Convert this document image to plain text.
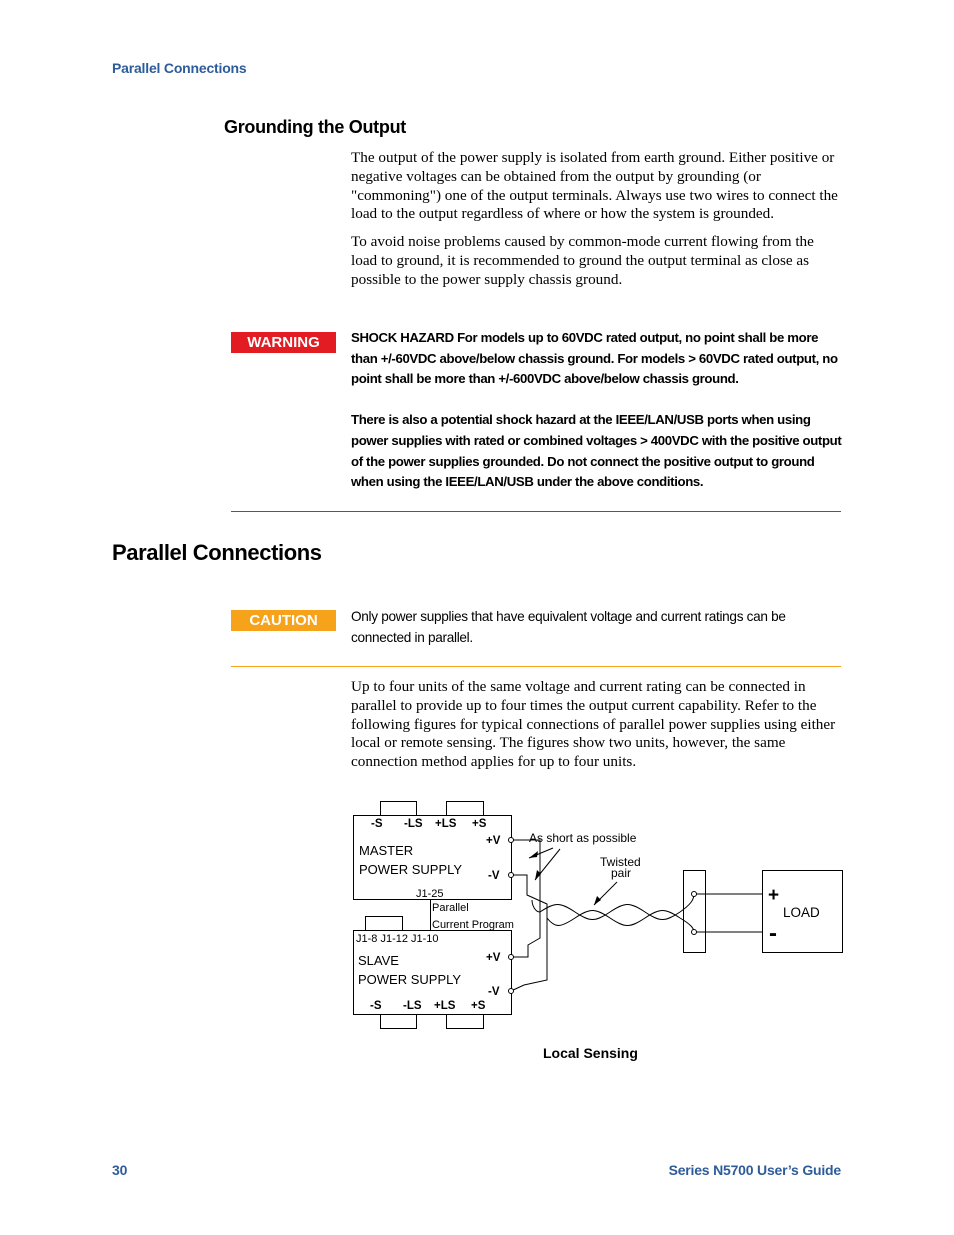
Parallel Connections
Grounding the Output

The output of the power supply is isolated from earth ground. Either positive or negative voltages can be obtained from the output by grounding (or "commoning") one of the output terminals. Always use two wires to connect the load to the output regardless of where or how the system is grounded.

To avoid noise problems caused by common-mode current flowing from the load to ground, it is recommended to ground the output terminal as close as possible to the power supply chassis ground.

WARNING	SHOCK HAZARD For models up to 60VDC rated output, no point shall be more than +/-60VDC above/below chassis ground. For models > 60VDC rated output, no point shall be more than +/-600VDC above/below chassis ground.

There is also a potential shock hazard at the IEEE/LAN/USB ports when using power supplies with rated or combined voltages > 400VDC with the positive output of the power supplies grounded. Do not connect the positive output to ground when using the IEEE/LAN/USB under the above conditions.

Parallel Connections
CAUTION	Only power supplies that have equivalent voltage and current ratings can be connected in parallel.

Up to four units of the same voltage and current rating can be connected in parallel to provide up to four times the output current capability. Refer to the following figures for typical connections of parallel power supplies using either local or remote sensing. The figures show two units, however, the same connection method applies for up to four units.

-S -LS +LS +S
+V
-V
MASTER
POWER SUPPLY
J1-25
Parallel
Current Program
J1-8 J1-12 J1-10
+V
-V
-S -LS +LS +S
SLAVE
POWER SUPPLY
As short as possible
Twisted
pair
+
-
LOAD
Local Sensing
30	Series N5700 User’s Guide
